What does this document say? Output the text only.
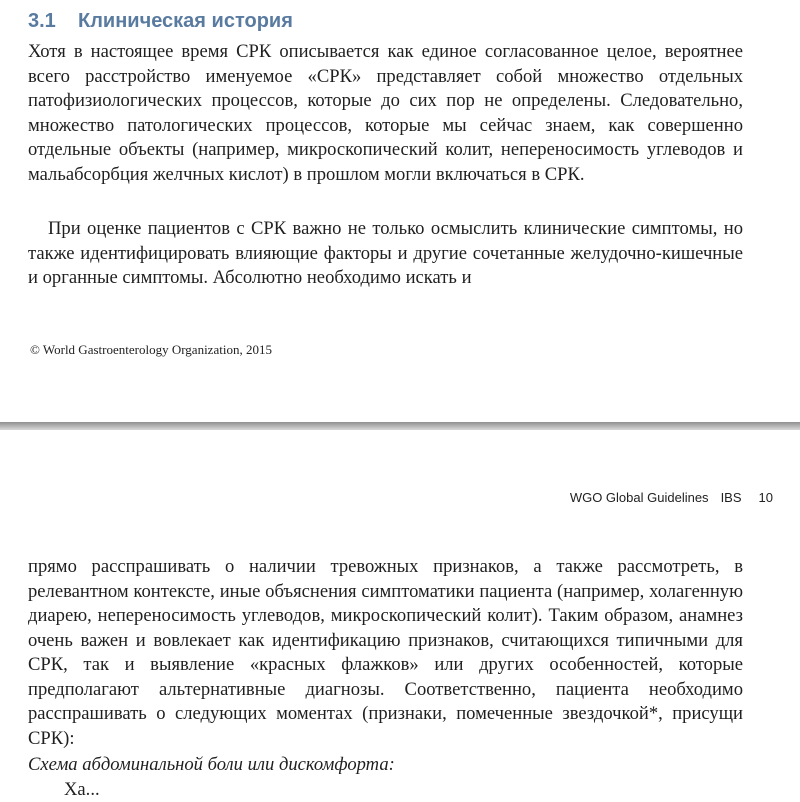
3.1 Клиническая история

Хотя в настоящее время СРК описывается как единое согласованное целое, вероятнее всего расстройство именуемое «СРК» представляет собой множество отдельных патофизиологических процессов, которые до сих пор не определены. Следовательно, множество патологических процессов, которые мы сейчас знаем, как совершенно отдельные объекты (например, микроскопический колит, непереносимость углеводов и мальабсорбция желчных кислот) в прошлом могли включаться в СРК.

При оценке пациентов с СРК важно не только осмыслить клинические симптомы, но также идентифицировать влияющие факторы и другие сочетанные желудочно-кишечные и органные симптомы. Абсолютно необходимо искать и

© World Gastroenterology Organization, 2015
WGO Global Guidelines IBS 10

прямо расспрашивать о наличии тревожных признаков, а также рассмотреть, в релевантном контексте, иные объяснения симптоматики пациента (например, холагенную диарею, непереносимость углеводов, микроскопический колит). Таким образом, анамнез очень важен и вовлекает как идентификацию признаков, считающихся типичными для СРК, так и выявление «красных флажков» или других особенностей, которые предполагают альтернативные диагнозы. Соответственно, пациента необходимо расспрашивать о следующих моментах (признаки, помеченные звездочкой*, присущи СРК):

Схема абдоминальной боли или дискомфорта:

Ха...
